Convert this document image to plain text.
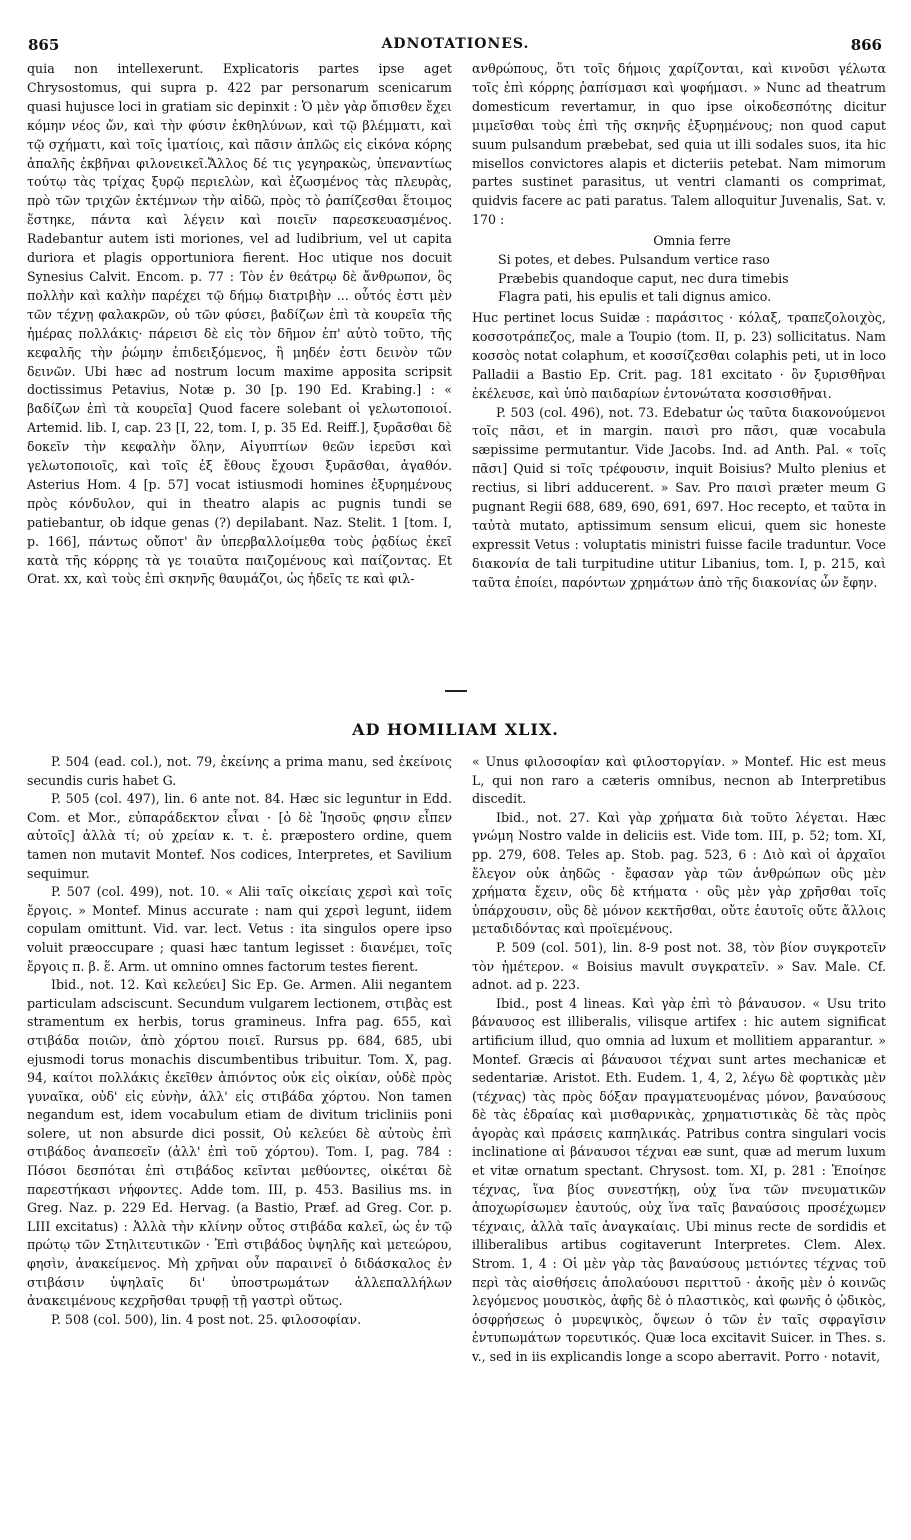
865	ADNOTATIONES.	866

quia non intellexerunt. Explicatoris partes ipse aget Chrysostomus, qui supra p. 422 par personarum scenicarum quasi hujusce loci in gratiam sic depinxit : Ὁ μὲν γὰρ ὄπισθεν ἔχει κόμην νέος ὤν, καὶ τὴν φύσιν ἐκθηλύνων, καὶ τῷ βλέμματι, καὶ τῷ σχήματι, καὶ τοῖς ἱματίοις, καὶ πᾶσιν ἁπλῶς εἰς εἰκόνα κόρης ἁπαλῆς ἐκβῆναι φιλονεικεῖ.Ἄλλος δέ τις γεγηρακὼς, ὑπεναντίως τούτῳ τὰς τρίχας ξυρῷ περιελὼν, καὶ ἐζωσμένος τὰς πλευρὰς, πρὸ τῶν τριχῶν ἐκτέμνων τὴν αἰδῶ, πρὸς τὸ ῥαπίζεσθαι ἕτοιμος ἕστηκε, πάντα καὶ λέγειν καὶ ποιεῖν παρεσκευασμένος. Radebantur autem isti moriones, vel ad ludibrium, vel ut capita duriora et plagis opportuniora fierent. Hoc utique nos docuit Synesius Calvit. Encom. p. 77 : Τὸν ἐν θεάτρῳ δὲ ἄνθρωπον, ὃς πολλὴν καὶ καλὴν παρέχει τῷ δήμῳ διατριβὴν ... οὗτός ἐστι μὲν τῶν τέχνῃ φαλακρῶν, οὐ τῶν φύσει, βαδίζων ἐπὶ τὰ κουρεῖα τῆς ἡμέρας πολλάκις· πάρεισι δὲ εἰς τὸν δῆμον ἐπ' αὐτὸ τοῦτο, τῆς κεφαλῆς τὴν ῥώμην ἐπιδειξόμενος, ἢ μηδέν ἐστι δεινὸν τῶν δεινῶν. Ubi hæc ad nostrum locum maxime apposita scripsit doctissimus Petavius, Notæ p. 30 [p. 190 Ed. Krabing.] : « βαδίζων ἐπὶ τὰ κουρεῖα] Quod facere solebant οἱ γελωτοποιοί. Artemid. lib. I, cap. 23 [I, 22, tom. I, p. 35 Ed. Reiff.], ξυρᾶσθαι δὲ δοκεῖν τὴν κεφαλὴν ὅλην, Αἰγυπτίων θεῶν ἱερεῦσι καὶ γελωτοποιοῖς, καὶ τοῖς ἐξ ἔθους ἔχουσι ξυρᾶσθαι, ἀγαθόν. Asterius Hom. 4 [p. 57] vocat istiusmodi homines ἐξυρημένους πρὸς κόνδυλον, qui in theatro alapis ac pugnis tundi se patiebantur, ob idque genas (?) depilabant. Naz. Stelit. 1 [tom. I, p. 166], πάντως οὔποτ' ἂν ὑπερβαλλοίμεθα τοὺς ῥᾳδίως ἐκεῖ κατὰ τῆς κόρρης τὰ γε τοιαῦτα παιζομένους καὶ παίζοντας. Et Orat. xx, καὶ τοὺς ἐπὶ σκηνῆς θαυμάζοι, ὡς ἡδεῖς τε καὶ φιλ-

ανθρώπους, ὅτι τοῖς δήμοις χαρίζονται, καὶ κινοῦσι γέλωτα τοῖς ἐπὶ κόρρης ῥαπίσμασι καὶ ψοφήμασι. » Nunc ad theatrum domesticum revertamur, in quo ipse οἰκοδεσπότης dicitur μιμεῖσθαι τοὺς ἐπὶ τῆς σκηνῆς ἐξυρημένους; non quod caput suum pulsandum præbebat, sed quia ut illi sodales suos, ita hic misellos convictores alapis et dicteriis petebat. Nam mimorum partes sustinet parasitus, ut ventri clamanti os comprimat, quidvis facere ac pati paratus. Talem alloquitur Juvenalis, Sat. v. 170 :

Omnia ferre
Si potes, et debes. Pulsandum vertice raso
Præbebis quandoque caput, nec dura timebis
Flagra pati, his epulis et tali dignus amico.

Huc pertinet locus Suidæ : παράσιτος · κόλαξ, τραπεζολοιχὸς, κοσσοτράπεζος, male a Toupio (tom. II, p. 23) sollicitatus. Nam κοσσὸς notat colaphum, et κοσσίζεσθαι colaphis peti, ut in loco Palladii a Bastio Ep. Crit. pag. 181 excitato · ὃν ξυρισθῆναι ἐκέλευσε, καὶ ὑπὸ παιδαρίων ἐντονώτατα κοσσισθῆναι.

P. 503 (col. 496), not. 73. Edebatur ὡς ταῦτα διακονούμενοι τοῖς πᾶσι, et in margin. παισὶ pro πᾶσι, quæ vocabula sæpissime permutantur. Vide Jacobs. Ind. ad Anth. Pal. « τοῖς πᾶσι] Quid si τοῖς τρέφουσιν, inquit Boisius? Multo plenius et rectius, si libri adducerent. » Sav. Pro παισὶ præter meum G pugnant Regii 688, 689, 690, 691, 697. Hoc recepto, et ταῦτα in ταὐτὰ mutato, aptissimum sensum elicui, quem sic honeste expressit Vetus : voluptatis ministri fuisse facile traduntur. Voce διακονία de tali turpitudine utitur Libanius, tom. I, p. 215, καὶ ταῦτα ἐποίει, παρόντων χρημάτων ἀπὸ τῆς διακονίας ὧν ἔφην.

AD HOMILIAM XLIX.

P. 504 (ead. col.), not. 79, ἐκείνης a prima manu, sed ἐκείνοις secundis curis habet G.

P. 505 (col. 497), lin. 6 ante not. 84. Hæc sic leguntur in Edd. Com. et Mor., εὐπαράδεκτον εἶναι · [ὁ δὲ Ἰησοῦς φησιν εἶπεν αὐτοῖς] ἀλλὰ τί; οὐ χρείαν κ. τ. ἑ. præpostero ordine, quem tamen non mutavit Montef. Nos codices, Interpretes, et Savilium sequimur.

P. 507 (col. 499), not. 10. « Alii ταῖς οἰκείαις χερσὶ καὶ τοῖς ἔργοις. » Montef. Minus accurate : nam qui χερσὶ legunt, iidem copulam omittunt. Vid. var. lect. Vetus : ita singulos opere ipso voluit præoccupare ; quasi hæc tantum legisset : διανέμει, τοῖς ἔργοις π. β. ἕ. Arm. ut omnino omnes factorum testes fierent.

Ibid., not. 12. Καὶ κελεύει] Sic Ep. Ge. Armen. Alii negantem particulam adsciscunt. Secundum vulgarem lectionem, στιβὰς est stramentum ex herbis, torus gramineus. Infra pag. 655, καὶ στιβάδα ποιῶν, ἀπὸ χόρτου ποιεῖ. Rursus pp. 684, 685, ubi ejusmodi torus monachis discumbentibus tribuitur. Tom. X, pag. 94, καίτοι πολλάκις ἐκεῖθεν ἀπιόντος οὐκ εἰς οἰκίαν, οὐδὲ πρὸς γυναῖκα, οὐδ' εἰς εὐνὴν, ἀλλ' εἰς στιβάδα χόρτου. Non tamen negandum est, idem vocabulum etiam de divitum tricliniis poni solere, ut non absurde dici possit, Οὐ κελεύει δὲ αὐτοὺς ἐπὶ στιβάδος ἀναπεσεῖν (ἀλλ' ἐπὶ τοῦ χόρτου). Tom. I, pag. 784 : Πόσοι δεσπόται ἐπὶ στιβάδος κεῖνται μεθύοντες, οἰκέται δὲ παρεστήκασι νήφοντες. Adde tom. III, p. 453. Basilius ms. in Greg. Naz. p. 229 Ed. Hervag. (a Bastio, Præf. ad Greg. Cor. p. LIII excitatus) : Ἀλλὰ τὴν κλίνην οὗτος στιβάδα καλεῖ, ὡς ἐν τῷ πρώτῳ τῶν Στηλιτευτικῶν · Ἐπὶ στιβάδος ὑψηλῆς καὶ μετεώρου, φησὶν, ἀνακείμενος. Μὴ χρῆναι οὖν παραινεῖ ὁ διδάσκαλος ἐν στιβάσιν ὑψηλαῖς δι' ὑποστρωμάτων ἀλλεπαλλήλων ἀνακειμένους κεχρῆσθαι τρυφῇ τῇ γαστρὶ οὕτως.

P. 508 (col. 500), lin. 4 post not. 25. φιλοσοφίαν.

« Unus φιλοσοφίαν καὶ φιλοστοργίαν. » Montef. Hic est meus L, qui non raro a cæteris omnibus, necnon ab Interpretibus discedit.

Ibid., not. 27. Καὶ γὰρ χρήματα διὰ τοῦτο λέγεται. Hæc γνώμη Nostro valde in deliciis est. Vide tom. III, p. 52; tom. XI, pp. 279, 608. Teles ap. Stob. pag. 523, 6 : Διὸ καὶ οἱ ἀρχαῖοι ἔλεγον οὐκ ἀηδῶς · ἔφασαν γὰρ τῶν ἀνθρώπων οὓς μὲν χρήματα ἔχειν, οὓς δὲ κτήματα · οὓς μὲν γὰρ χρῆσθαι τοῖς ὑπάρχουσιν, οὓς δὲ μόνον κεκτῆσθαι, οὔτε ἑαυτοῖς οὔτε ἄλλοις μεταδιδόντας καὶ προϊεμένους.

P. 509 (col. 501), lin. 8-9 post not. 38, τὸν βίον συγκροτεῖν τὸν ἡμέτερον. « Boisius mavult συγκρατεῖν. » Sav. Male. Cf. adnot. ad p. 223.

Ibid., post 4 lineas. Καὶ γὰρ ἐπὶ τὸ βάναυσον. « Usu trito βάναυσος est illiberalis, vilisque artifex : hic autem significat artificium illud, quo omnia ad luxum et mollitiem apparantur. » Montef. Græcis αἱ βάναυσοι τέχναι sunt artes mechanicæ et sedentariæ. Aristot. Eth. Eudem. 1, 4, 2, λέγω δὲ φορτικὰς μὲν (τέχνας) τὰς πρὸς δόξαν πραγματευομένας μόνον, βαναύσους δὲ τὰς ἑδραίας καὶ μισθαρνικὰς, χρηματιστικὰς δὲ τὰς πρὸς ἀγορὰς καὶ πράσεις καπηλικάς. Patribus contra singulari vocis inclinatione αἱ βάναυσοι τέχναι eæ sunt, quæ ad merum luxum et vitæ ornatum spectant. Chrysost. tom. XI, p. 281 : Ἐποίησε τέχνας, ἵνα βίος συνεστήκῃ, οὐχ ἵνα τῶν πνευματικῶν ἀποχωρίσωμεν ἑαυτούς, οὐχ ἵνα ταῖς βαναύσοις προσέχωμεν τέχναις, ἀλλὰ ταῖς ἀναγκαίαις. Ubi minus recte de sordidis et illiberalibus artibus cogitaverunt Interpretes. Clem. Alex. Strom. 1, 4 : Οἱ μὲν γὰρ τὰς βαναύσους μετιόντες τέχνας τοῦ περὶ τὰς αἰσθήσεις ἀπολαύουσι περιττοῦ · ἀκοῆς μὲν ὁ κοινῶς λεγόμενος μουσικὸς, ἁφῆς δὲ ὁ πλαστικὸς, καὶ φωνῆς ὁ ᾠδικὸς, ὀσφρήσεως ὁ μυρεψικὸς, ὄψεων ὁ τῶν ἐν ταῖς σφραγῖσιν ἐντυπωμάτων τορευτικός. Quæ loca excitavit Suicer. in Thes. s. v., sed in iis explicandis longe a scopo aberravit. Porro · notavit,
